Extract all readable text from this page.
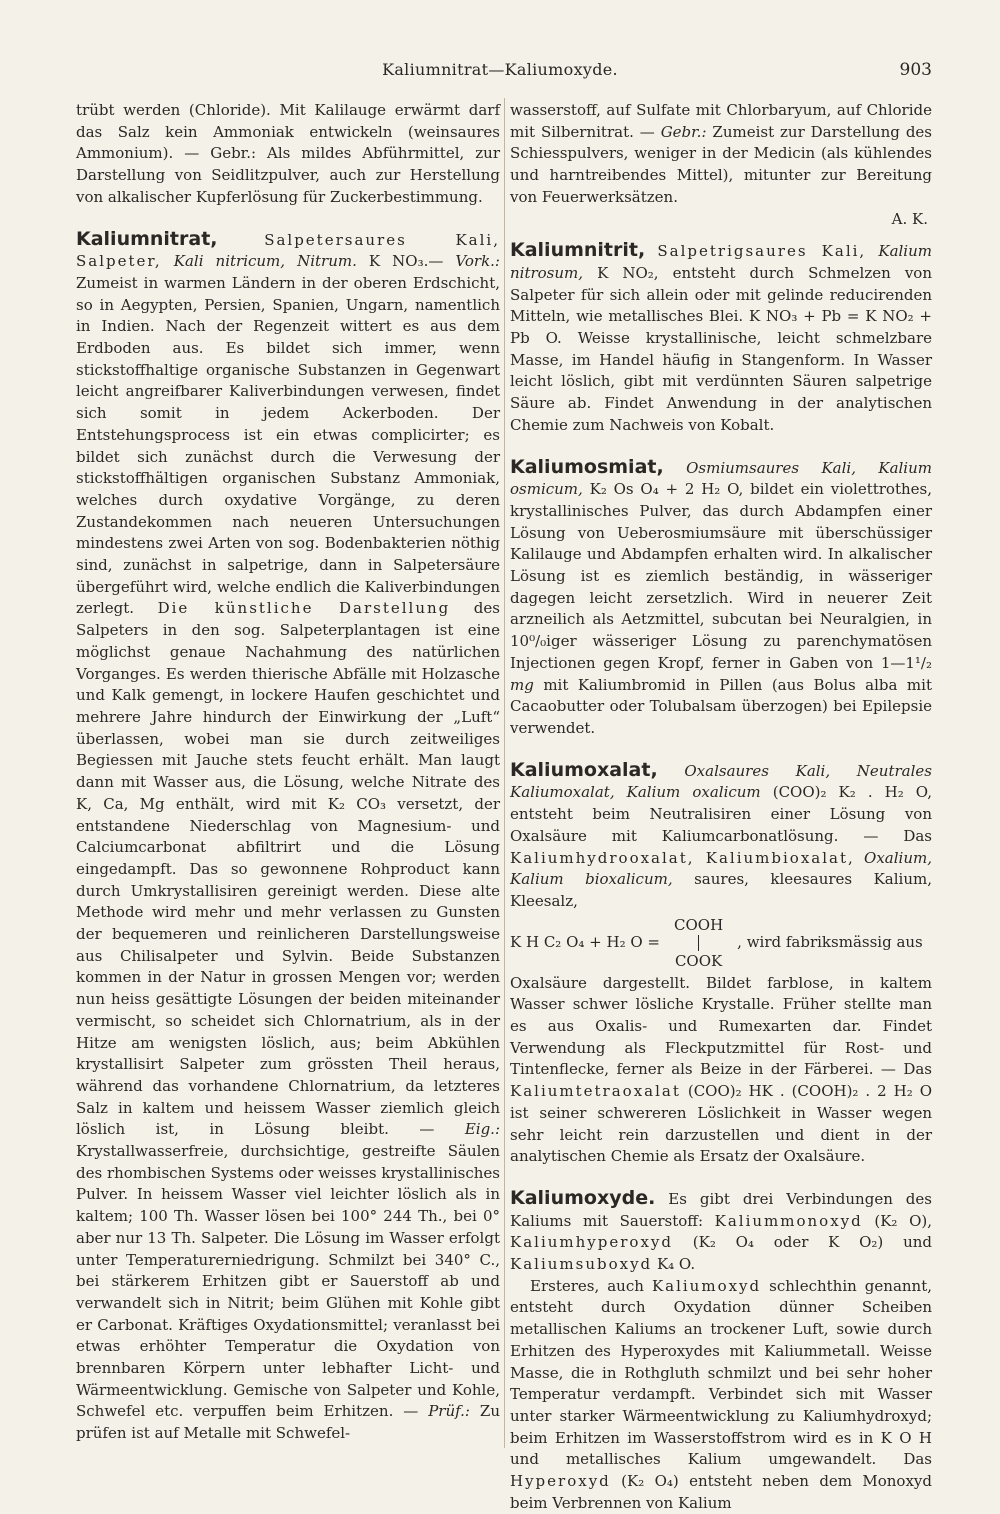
Kaliumnitrat—Kaliumoxyde.	903

trübt werden (Chloride). Mit Kalilauge erwärmt darf das Salz kein Ammoniak entwickeln (weinsaures Ammonium). — Gebr.: Als mildes Abführmittel, zur Darstellung von Seidlitzpulver, auch zur Herstellung von alkalischer Kupferlösung für Zuckerbestimmung.

Kaliumnitrat,	Salpetersaures Kali, Salpeter, Kali nitricum, Nitrum. K NO₃.— Vork.: Zumeist in warmen Ländern in der oberen Erdschicht, so in Aegypten, Persien, Spanien, Ungarn, namentlich in Indien. Nach der Regenzeit wittert es aus dem Erdboden aus. Es bildet sich immer, wenn stickstoffhaltige organische Substanzen in Gegenwart leicht angreifbarer Kaliverbindungen verwesen, findet sich somit in jedem Ackerboden. Der Entstehungsprocess ist ein etwas complicirter; es bildet sich zunächst durch die Verwesung der stickstoffhältigen organischen Substanz Ammoniak, welches durch oxydative Vorgänge, zu deren Zustandekommen nach neueren Untersuchungen mindestens zwei Arten von sog. Bodenbakterien nöthig sind, zunächst in salpetrige, dann in Salpetersäure übergeführt wird, welche endlich die Kaliverbindungen zerlegt. Die künstliche Darstellung des Salpeters in den sog. Salpeterplantagen ist eine möglichst genaue Nachahmung des natürlichen Vorganges. Es werden thierische Abfälle mit Holzasche und Kalk gemengt, in lockere Haufen geschichtet und mehrere Jahre hindurch der Einwirkung der „Luft“ überlassen, wobei man sie durch zeitweiliges Begiessen mit Jauche stets feucht erhält. Man laugt dann mit Wasser aus, die Lösung, welche Nitrate des K, Ca, Mg enthält, wird mit K₂ CO₃ versetzt, der entstandene Niederschlag von Magnesium- und Calciumcarbonat abfiltrirt und die Lösung eingedampft. Das so gewonnene Rohproduct kann durch Umkrystallisiren gereinigt werden. Diese alte Methode wird mehr und mehr verlassen zu Gunsten der bequemeren und reinlicheren Darstellungsweise aus Chilisalpeter und Sylvin. Beide Substanzen kommen in der Natur in grossen Mengen vor; werden nun heiss gesättigte Lösungen der beiden miteinander vermischt, so scheidet sich Chlornatrium, als in der Hitze am wenigsten löslich, aus; beim Abkühlen krystallisirt Salpeter zum grössten Theil heraus, während das vorhandene Chlornatrium, da letzteres Salz in kaltem und heissem Wasser ziemlich gleich löslich ist, in Lösung bleibt. — Eig.: Krystallwasserfreie, durchsichtige, gestreifte Säulen des rhombischen Systems oder weisses krystallinisches Pulver. In heissem Wasser viel leichter löslich als in kaltem; 100 Th. Wasser lösen bei 100° 244 Th., bei 0° aber nur 13 Th. Salpeter. Die Lösung im Wasser erfolgt unter Temperaturerniedrigung. Schmilzt bei 340° C., bei stärkerem Erhitzen gibt er Sauerstoff ab und verwandelt sich in Nitrit; beim Glühen mit Kohle gibt er Carbonat. Kräftiges Oxydationsmittel; veranlasst bei etwas erhöhter Temperatur die Oxydation von brennbaren Körpern unter lebhafter Licht- und Wärmeentwicklung. Gemische von Salpeter und Kohle, Schwefel etc. verpuffen beim Erhitzen. — Prüf.: Zu prüfen ist auf Metalle mit Schwefel-

wasserstoff, auf Sulfate mit Chlorbaryum, auf Chloride mit Silbernitrat. — Gebr.: Zumeist zur Darstellung des Schiesspulvers, weniger in der Medicin (als kühlendes und harntreibendes Mittel), mitunter zur Bereitung von Feuerwerksätzen.

A. K.

Kaliumnitrit, Salpetrigsaures Kali, Kalium nitrosum, K NO₂, entsteht durch Schmelzen von Salpeter für sich allein oder mit gelinde reducirenden Mitteln, wie metallisches Blei. K NO₃ + Pb = K NO₂ + Pb O. Weisse krystallinische, leicht schmelzbare Masse, im Handel häufig in Stangenform. In Wasser leicht löslich, gibt mit verdünnten Säuren salpetrige Säure ab. Findet Anwendung in der analytischen Chemie zum Nachweis von Kobalt.

Kaliumosmiat, Osmiumsaures Kali, Kalium osmicum, K₂ Os O₄ + 2 H₂ O, bildet ein violettrothes, krystallinisches Pulver, das durch Abdampfen einer Lösung von Ueberosmiumsäure mit überschüssiger Kalilauge und Abdampfen erhalten wird. In alkalischer Lösung ist es ziemlich beständig, in wässeriger dagegen leicht zersetzlich. Wird in neuerer Zeit arzneilich als Aetzmittel, subcutan bei Neuralgien, in 10⁰/₀iger wässeriger Lösung zu parenchymatösen Injectionen gegen Kropf, ferner in Gaben von 1—1¹/₂ mg mit Kaliumbromid in Pillen (aus Bolus alba mit Cacaobutter oder Tolubalsam überzogen) bei Epilepsie verwendet.

Kaliumoxalat, Oxalsaures Kali, Neutrales Kaliumoxalat, Kalium oxalicum (COO)₂ K₂ . H₂ O, entsteht beim Neutralisiren einer Lösung von Oxalsäure mit Kaliumcarbonatlösung. — Das Kaliumhydrooxalat, Kaliumbioxalat, Oxalium, Kalium bioxalicum, saures, kleesaures Kalium, Kleesalz,

K H C₂ O₄ + H₂ O =
COOH
COOK
, wird fabriksmässig aus

Oxalsäure dargestellt. Bildet farblose, in kaltem Wasser schwer lösliche Krystalle. Früher stellte man es aus Oxalis- und Rumexarten dar. Findet Verwendung als Fleckputzmittel für Rost- und Tintenflecke, ferner als Beize in der Färberei. — Das Kaliumtetraoxalat (COO)₂ HK . (COOH)₂ . 2 H₂ O ist seiner schwereren Löslichkeit in Wasser wegen sehr leicht rein darzustellen und dient in der analytischen Chemie als Ersatz der Oxalsäure.

Kaliumoxyde. Es gibt drei Verbindungen des Kaliums mit Sauerstoff: Kaliummonoxyd (K₂ O), Kaliumhyperoxyd (K₂ O₄ oder K O₂) und Kaliumsuboxyd K₄ O.

Ersteres, auch Kaliumoxyd schlechthin genannt, entsteht durch Oxydation dünner Scheiben metallischen Kaliums an trockener Luft, sowie durch Erhitzen des Hyperoxydes mit Kaliummetall. Weisse Masse, die in Rothgluth schmilzt und bei sehr hoher Temperatur verdampft. Verbindet sich mit Wasser unter starker Wärmeentwicklung zu Kaliumhydroxyd; beim Erhitzen im Wasserstoffstrom wird es in K O H und metallisches Kalium umgewandelt. Das Hyperoxyd (K₂ O₄) entsteht neben dem Monoxyd beim Verbrennen von Kalium
